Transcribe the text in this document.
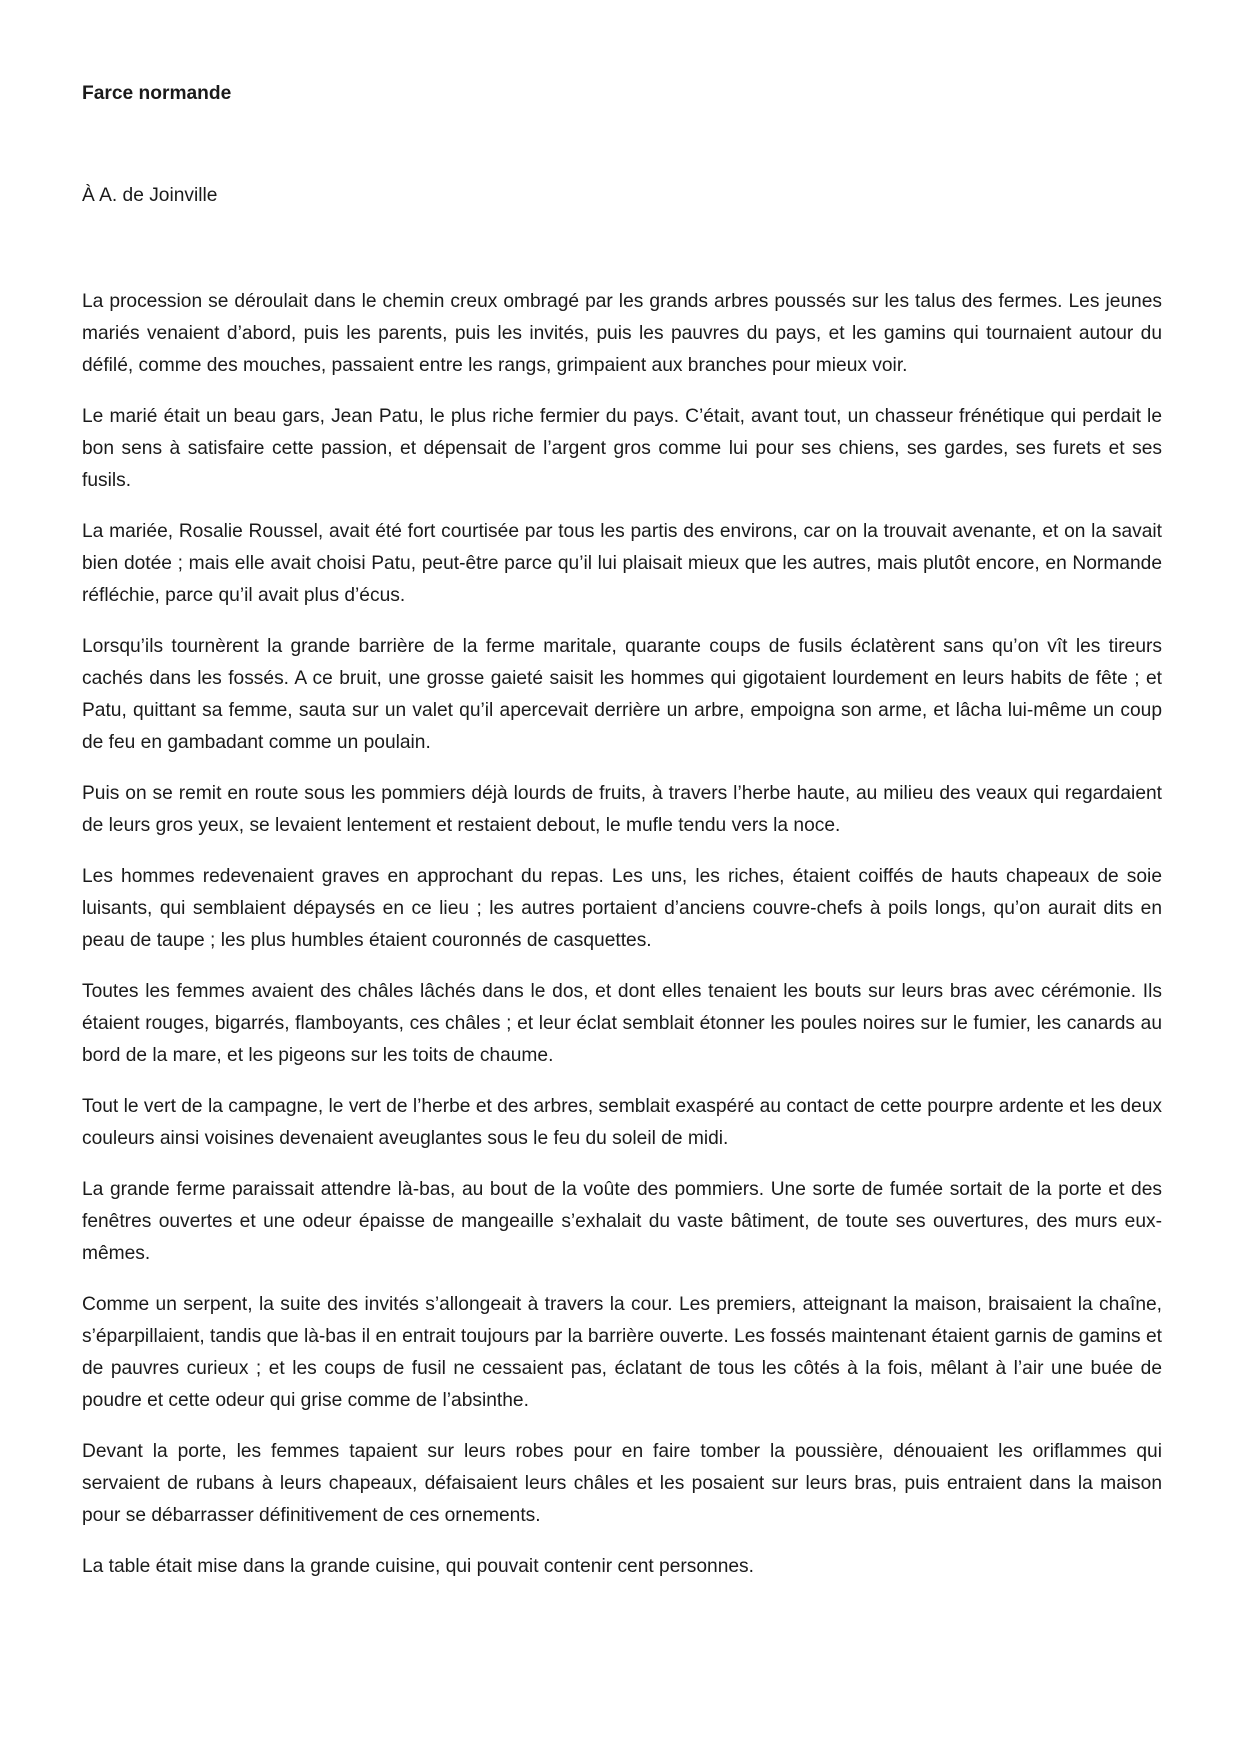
Farce normande

À A. de Joinville

La procession se déroulait dans le chemin creux ombragé par les grands arbres poussés sur les talus des fermes. Les jeunes mariés venaient d’abord, puis les parents, puis les invités, puis les pauvres du pays, et les gamins qui tournaient autour du défilé, comme des mouches, passaient entre les rangs, grimpaient aux branches pour mieux voir.

Le marié était un beau gars, Jean Patu, le plus riche fermier du pays. C’était, avant tout, un chasseur frénétique qui perdait le bon sens à satisfaire cette passion, et dépensait de l’argent gros comme lui pour ses chiens, ses gardes, ses furets et ses fusils.

La mariée, Rosalie Roussel, avait été fort courtisée par tous les partis des environs, car on la trouvait avenante, et on la savait bien dotée ; mais elle avait choisi Patu, peut-être parce qu’il lui plaisait mieux que les autres, mais plutôt encore, en Normande réfléchie, parce qu’il avait plus d’écus.

Lorsqu’ils tournèrent la grande barrière de la ferme maritale, quarante coups de fusils éclatèrent sans qu’on vît les tireurs cachés dans les fossés. A ce bruit, une grosse gaieté saisit les hommes qui gigotaient lourdement en leurs habits de fête ; et Patu, quittant sa femme, sauta sur un valet qu’il apercevait derrière un arbre, empoigna son arme, et lâcha lui-même un coup de feu en gambadant comme un poulain.

Puis on se remit en route sous les pommiers déjà lourds de fruits, à travers l’herbe haute, au milieu des veaux qui regardaient de leurs gros yeux, se levaient lentement et restaient debout, le mufle tendu vers la noce.

Les hommes redevenaient graves en approchant du repas. Les uns, les riches, étaient coiffés de hauts chapeaux de soie luisants, qui semblaient dépaysés en ce lieu ; les autres portaient d’anciens couvre-chefs à poils longs, qu’on aurait dits en peau de taupe ; les plus humbles étaient couronnés de casquettes.

Toutes les femmes avaient des châles lâchés dans le dos, et dont elles tenaient les bouts sur leurs bras avec cérémonie. Ils étaient rouges, bigarrés, flamboyants, ces châles ; et leur éclat semblait étonner les poules noires sur le fumier, les canards au bord de la mare, et les pigeons sur les toits de chaume.

Tout le vert de la campagne, le vert de l’herbe et des arbres, semblait exaspéré au contact de cette pourpre ardente et les deux couleurs ainsi voisines devenaient aveuglantes sous le feu du soleil de midi.

La grande ferme paraissait attendre là-bas, au bout de la voûte des pommiers. Une sorte de fumée sortait de la porte et des fenêtres ouvertes et une odeur épaisse de mangeaille s’exhalait du vaste bâtiment, de toute ses ouvertures, des murs eux-mêmes.

Comme un serpent, la suite des invités s’allongeait à travers la cour. Les premiers, atteignant la maison, braisaient la chaîne, s’éparpillaient, tandis que là-bas il en entrait toujours par la barrière ouverte. Les fossés maintenant étaient garnis de gamins et de pauvres curieux ; et les coups de fusil ne cessaient pas, éclatant de tous les côtés à la fois, mêlant à l’air une buée de poudre et cette odeur qui grise comme de l’absinthe.

Devant la porte, les femmes tapaient sur leurs robes pour en faire tomber la poussière, dénouaient les oriflammes qui servaient de rubans à leurs chapeaux, défaisaient leurs châles et les posaient sur leurs bras, puis entraient dans la maison pour se débarrasser définitivement de ces ornements.

La table était mise dans la grande cuisine, qui pouvait contenir cent personnes.
